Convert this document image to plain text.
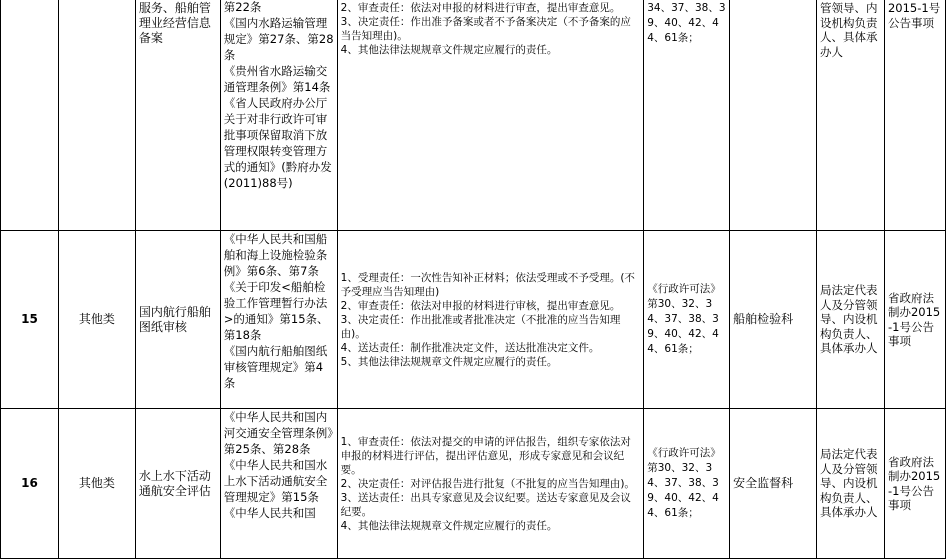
		服务、船舶管理业经营信息备案	第22条
《国内水路运输管理规定》第27条、第28条
《贵州省水路运输交通管理条例》第14条
《省人民政府办公厅关于对非行政许可审批事项保留取消下放管理权限转变管理方式的通知》(黔府办发(2011)88号)	2、审查责任：依法对申报的材料进行审查，提出审查意见。
3、决定责任：作出准予备案或者不予备案决定（不予备案的应当告知理由)。
4、其他法律法规规章文件规定应履行的责任。	34、37、38、39、40、42、44、61条；		管领导、内设机构负责人、具体承办人	2015-1号公告事项
15	其他类	国内航行船舶图纸审核	《中华人民共和国船舶和海上设施检验条例》第6条、第7条
《关于印发<船舶检验工作管理暂行办法>的通知》第15条、第18条
《国内航行船舶图纸审核管理规定》第4条	1、受理责任：一次性告知补正材料；依法受理或不予受理。(不予受理应当告知理由)
2、审查责任：依法对申报的材料进行审核，提出审查意见。
3、决定责任：作出批准或者批准决定（不批准的应当告知理由)。
4、送达责任：制作批准决定文件，送达批准决定文件。
5、其他法律法规规章文件规定应履行的责任。	《行政许可法》第30、32、34、37、38、39、40、42、44、61条；	船舶检验科	局法定代表人及分管领导、内设机构负责人、具体承办人	省政府法制办2015-1号公告事项
16	其他类	水上水下活动通航安全评估	《中华人民共和国内河交通安全管理条例》第25条、第28条
《中华人民共和国水上水下活动通航安全管理规定》第15条
《中华人民共和国	1、审查责任：依法对提交的申请的评估报告，组织专家依法对申报的材料进行评估，提出评估意见，形成专家意见和会议纪要。
2、决定责任：对评估报告进行批复（不批复的应当告知理由)。
3、送达责任：出具专家意见及会议纪要。送达专家意见及会议纪要。
4、其他法律法规规章文件规定应履行的责任。	《行政许可法》第30、32、34、37、38、39、40、42、44、61条；	安全监督科	局法定代表人及分管领导、内设机构负责人、具体承办人	省政府法制办2015-1号公告事项
